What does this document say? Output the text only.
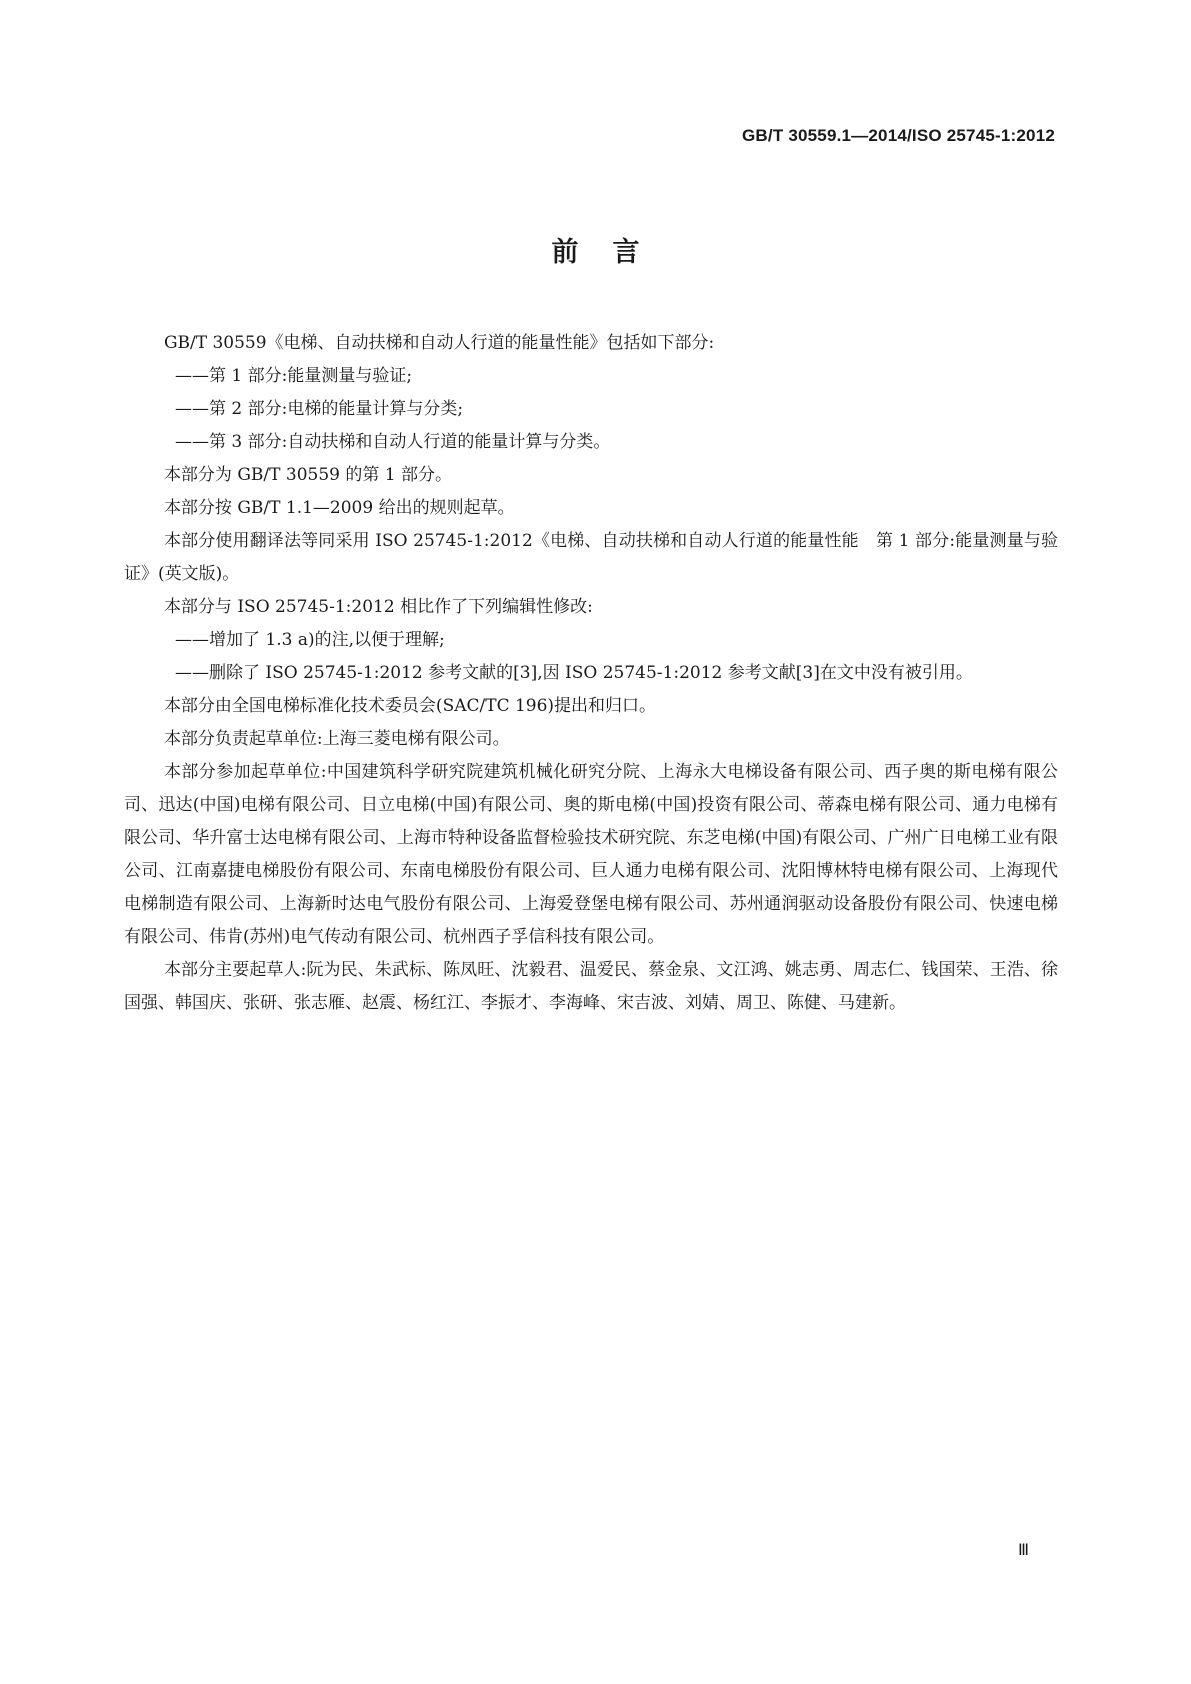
GB/T 30559.1—2014/ISO 25745-1:2012
前言

GB/T 30559《电梯、自动扶梯和自动人行道的能量性能》包括如下部分:

——第 1 部分:能量测量与验证;

——第 2 部分:电梯的能量计算与分类;

——第 3 部分:自动扶梯和自动人行道的能量计算与分类。

本部分为 GB/T 30559 的第 1 部分。

本部分按 GB/T 1.1—2009 给出的规则起草。

本部分使用翻译法等同采用 ISO 25745-1:2012《电梯、自动扶梯和自动人行道的能量性能　第 1 部分:能量测量与验证》(英文版)。

本部分与 ISO 25745-1:2012 相比作了下列编辑性修改:

——增加了 1.3 a)的注,以便于理解;

——删除了 ISO 25745-1:2012 参考文献的[3],因 ISO 25745-1:2012 参考文献[3]在文中没有被引用。

本部分由全国电梯标准化技术委员会(SAC/TC 196)提出和归口。

本部分负责起草单位:上海三菱电梯有限公司。

本部分参加起草单位:中国建筑科学研究院建筑机械化研究分院、上海永大电梯设备有限公司、西子奥的斯电梯有限公司、迅达(中国)电梯有限公司、日立电梯(中国)有限公司、奥的斯电梯(中国)投资有限公司、蒂森电梯有限公司、通力电梯有限公司、华升富士达电梯有限公司、上海市特种设备监督检验技术研究院、东芝电梯(中国)有限公司、广州广日电梯工业有限公司、江南嘉捷电梯股份有限公司、东南电梯股份有限公司、巨人通力电梯有限公司、沈阳博林特电梯有限公司、上海现代电梯制造有限公司、上海新时达电气股份有限公司、上海爱登堡电梯有限公司、苏州通润驱动设备股份有限公司、快速电梯有限公司、伟肯(苏州)电气传动有限公司、杭州西子孚信科技有限公司。

本部分主要起草人:阮为民、朱武标、陈凤旺、沈毅君、温爱民、蔡金泉、文江鸿、姚志勇、周志仁、钱国荣、王浩、徐国强、韩国庆、张研、张志雁、赵震、杨红江、李振才、李海峰、宋吉波、刘婧、周卫、陈健、马建新。

Ⅲ
